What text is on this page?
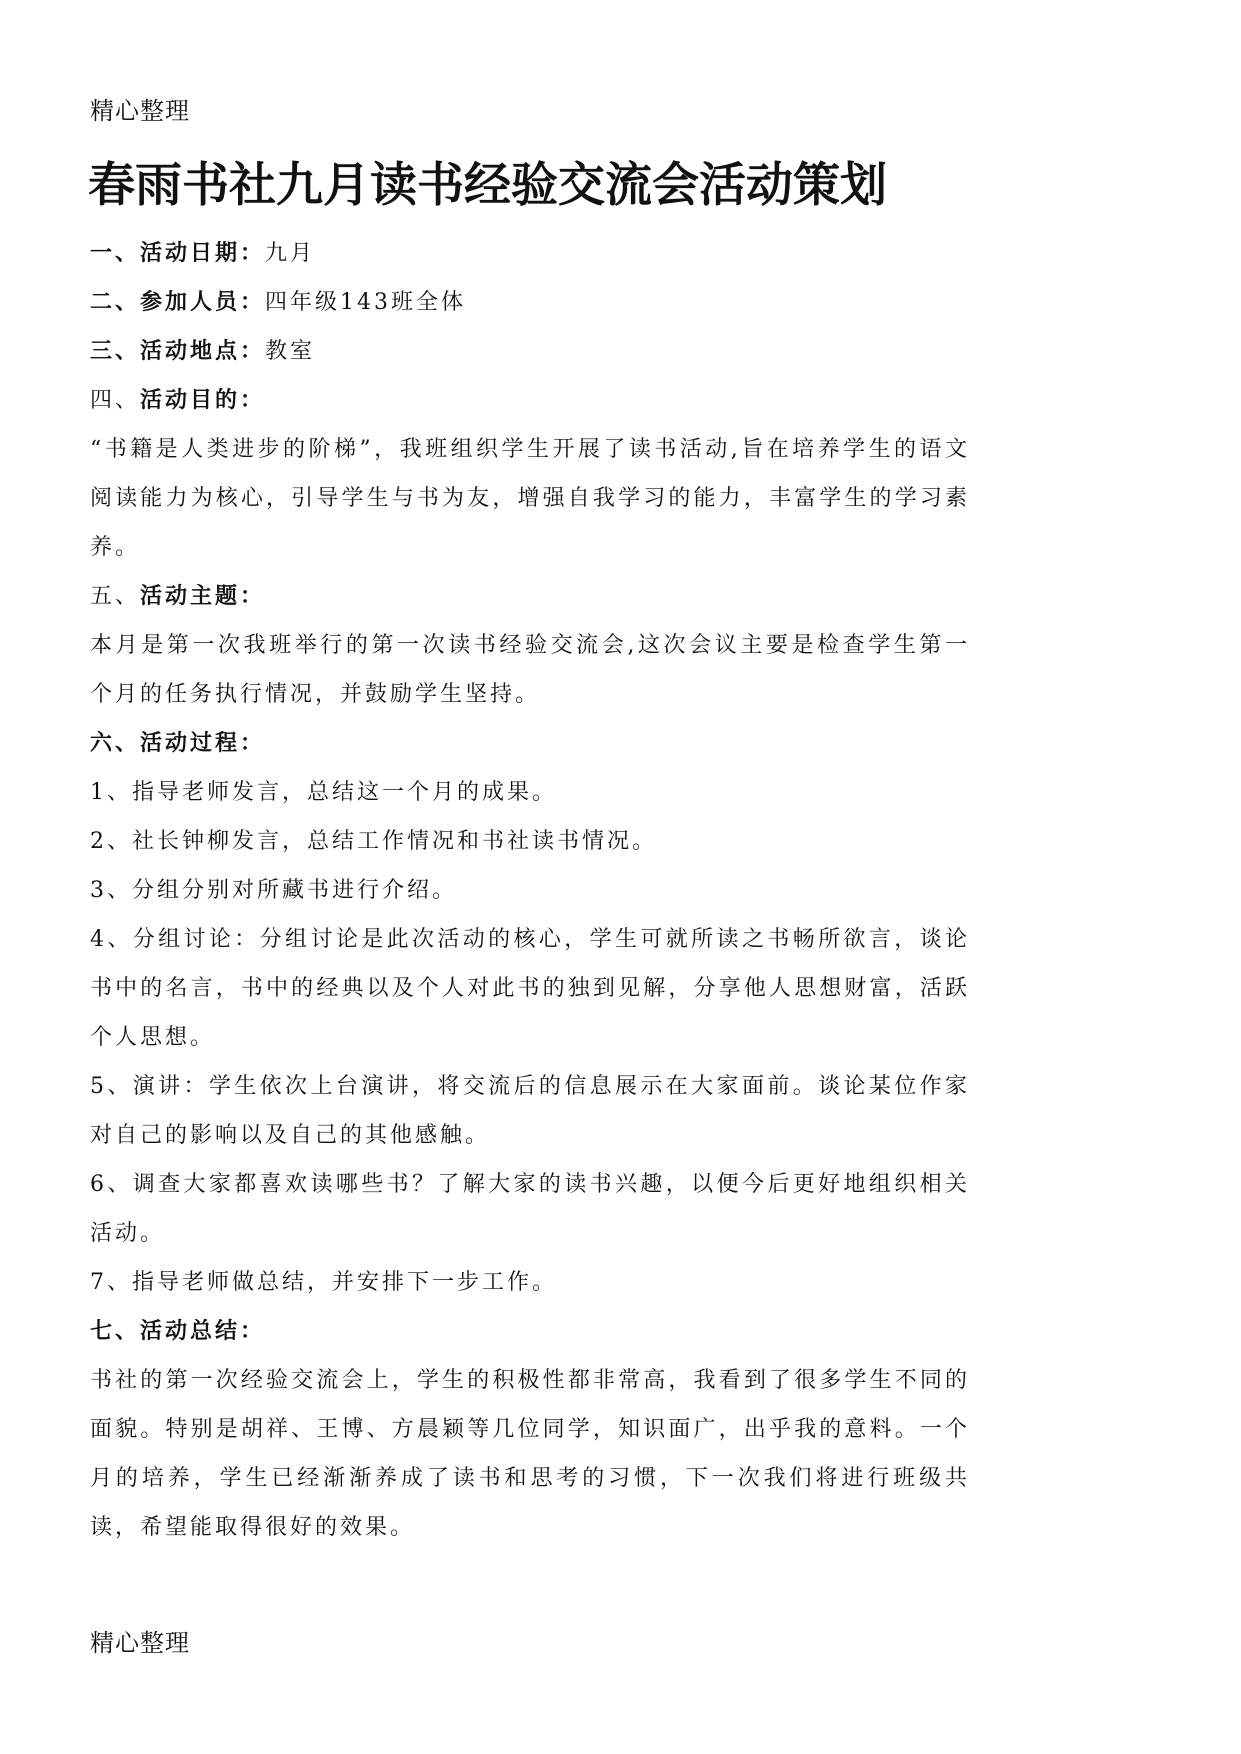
精心整理
春雨书社九月读书经验交流会活动策划
一、活动日期：九月
二、参加人员：四年级143班全体
三、活动地点：教室
四、活动目的：
“书籍是人类进步的阶梯”，我班组织学生开展了读书活动,旨在培养学生的语文阅读能力为核心，引导学生与书为友，增强自我学习的能力，丰富学生的学习素养。
五、活动主题：
本月是第一次我班举行的第一次读书经验交流会,这次会议主要是检查学生第一个月的任务执行情况，并鼓励学生坚持。
六、活动过程：
1、指导老师发言，总结这一个月的成果。
2、社长钟柳发言，总结工作情况和书社读书情况。
3、分组分别对所藏书进行介绍。
4、分组讨论：分组讨论是此次活动的核心，学生可就所读之书畅所欲言，谈论书中的名言，书中的经典以及个人对此书的独到见解，分享他人思想财富，活跃个人思想。
5、演讲：学生依次上台演讲，将交流后的信息展示在大家面前。谈论某位作家对自己的影响以及自己的其他感触。
6、调查大家都喜欢读哪些书？了解大家的读书兴趣，以便今后更好地组织相关活动。
7、指导老师做总结，并安排下一步工作。
七、活动总结：
书社的第一次经验交流会上，学生的积极性都非常高，我看到了很多学生不同的面貌。特别是胡祥、王博、方晨颖等几位同学，知识面广，出乎我的意料。一个月的培养，学生已经渐渐养成了读书和思考的习惯，下一次我们将进行班级共读，希望能取得很好的效果。
精心整理
